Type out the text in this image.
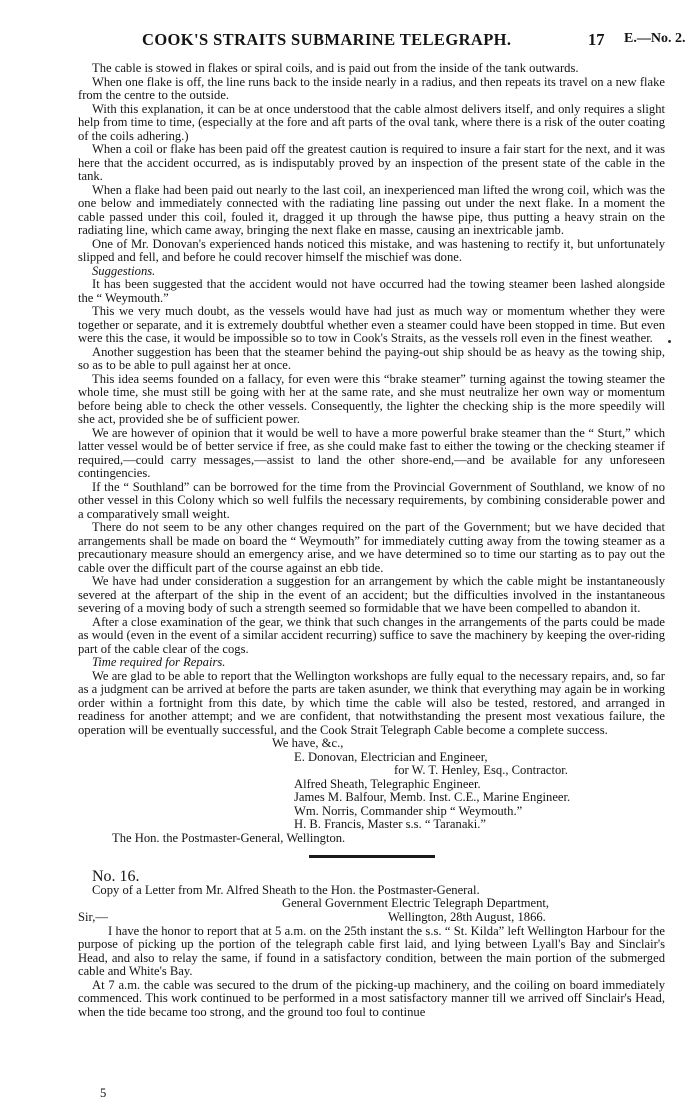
COOK'S STRAITS SUBMARINE TELEGRAPH.	17 E.—No. 2.

The cable is stowed in flakes or spiral coils, and is paid out from the inside of the tank outwards.

When one flake is off, the line runs back to the inside nearly in a radius, and then repeats its travel on a new flake from the centre to the outside.

With this explanation, it can be at once understood that the cable almost delivers itself, and only requires a slight help from time to time, (especially at the fore and aft parts of the oval tank, where there is a risk of the outer coating of the coils adhering.)

When a coil or flake has been paid off the greatest caution is required to insure a fair start for the next, and it was here that the accident occurred, as is indisputably proved by an inspection of the present state of the cable in the tank.

When a flake had been paid out nearly to the last coil, an inexperienced man lifted the wrong coil, which was the one below and immediately connected with the radiating line passing out under the next flake. In a moment the cable passed under this coil, fouled it, dragged it up through the hawse pipe, thus putting a heavy strain on the radiating line, which came away, bringing the next flake en masse, causing an inextricable jamb.

One of Mr. Donovan's experienced hands noticed this mistake, and was hastening to rectify it, but unfortunately slipped and fell, and before he could recover himself the mischief was done.

Suggestions.

It has been suggested that the accident would not have occurred had the towing steamer been lashed alongside the “ Weymouth.”

This we very much doubt, as the vessels would have had just as much way or momentum whether they were together or separate, and it is extremely doubtful whether even a steamer could have been stopped in time. But even were this the case, it would be impossible so to tow in Cook's Straits, as the vessels roll even in the finest weather.

Another suggestion has been that the steamer behind the paying-out ship should be as heavy as the towing ship, so as to be able to pull against her at once.

This idea seems founded on a fallacy, for even were this “brake steamer” turning against the towing steamer the whole time, she must still be going with her at the same rate, and she must neutralize her own way or momentum before being able to check the other vessels. Consequently, the lighter the checking ship is the more speedily will she act, provided she be of sufficient power.

We are however of opinion that it would be well to have a more powerful brake steamer than the “ Sturt,” which latter vessel would be of better service if free, as she could make fast to either the towing or the checking steamer if required,—could carry messages,—assist to land the other shore-end,—and be available for any unforeseen contingencies.

If the “ Southland” can be borrowed for the time from the Provincial Government of Southland, we know of no other vessel in this Colony which so well fulfils the necessary requirements, by combining considerable power and a comparatively small weight.

There do not seem to be any other changes required on the part of the Government; but we have decided that arrangements shall be made on board the “ Weymouth” for immediately cutting away from the towing steamer as a precautionary measure should an emergency arise, and we have determined so to time our starting as to pay out the cable over the difficult part of the course against an ebb tide.

We have had under consideration a suggestion for an arrangement by which the cable might be instantaneously severed at the afterpart of the ship in the event of an accident; but the difficulties involved in the instantaneous severing of a moving body of such a strength seemed so formidable that we have been compelled to abandon it.

After a close examination of the gear, we think that such changes in the arrangements of the parts could be made as would (even in the event of a similar accident recurring) suffice to save the machinery by keeping the over-riding part of the cable clear of the cogs.

Time required for Repairs.

We are glad to be able to report that the Wellington workshops are fully equal to the necessary repairs, and, so far as a judgment can be arrived at before the parts are taken asunder, we think that everything may again be in working order within a fortnight from this date, by which time the cable will also be tested, restored, and arranged in readiness for another attempt; and we are confident, that notwithstanding the present most vexatious failure, the operation will be eventually successful, and the Cook Strait Telegraph Cable become a complete success.

We have, &c.,

E. Donovan, Electrician and Engineer,

for W. T. Henley, Esq., Contractor.

Alfred Sheath, Telegraphic Engineer.

James M. Balfour, Memb. Inst. C.E., Marine Engineer.

Wm. Norris, Commander ship “ Weymouth.”

H. B. Francis, Master s.s. “ Taranaki.”

The Hon. the Postmaster-General, Wellington.

No. 16.

Copy of a Letter from Mr. Alfred Sheath to the Hon. the Postmaster-General.

General Government Electric Telegraph Department,

Sir,—	Wellington, 28th August, 1866.

I have the honor to report that at 5 a.m. on the 25th instant the s.s. “ St. Kilda” left Wellington Harbour for the purpose of picking up the portion of the telegraph cable first laid, and lying between Lyall's Bay and Sinclair's Head, and also to relay the same, if found in a satisfactory condition, between the main portion of the submerged cable and White's Bay.

At 7 a.m. the cable was secured to the drum of the picking-up machinery, and the coiling on board immediately commenced. This work continued to be performed in a most satisfactory manner till we arrived off Sinclair's Head, when the tide became too strong, and the ground too foul to continue

5
